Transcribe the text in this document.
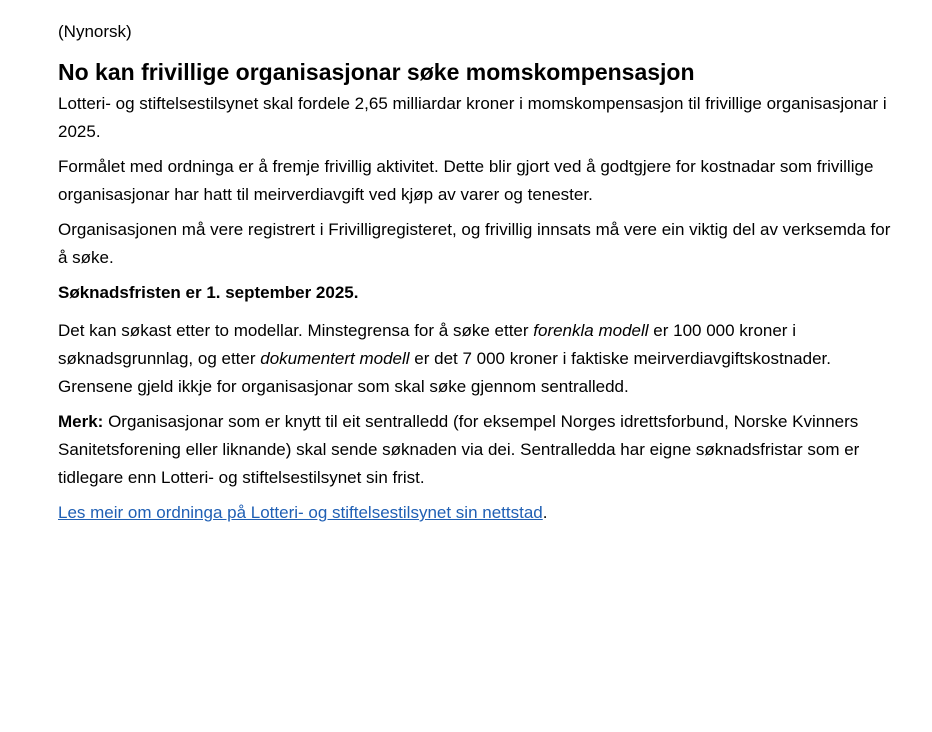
(Nynorsk)
No kan frivillige organisasjonar søke momskompensasjon

Lotteri- og stiftelsestilsynet skal fordele 2,65 milliardar kroner i momskompensasjon til frivillige organisasjonar i 2025.

Formålet med ordninga er å fremje frivillig aktivitet. Dette blir gjort ved å godtgjere for kostnadar som frivillige organisasjonar har hatt til meirverdiavgift ved kjøp av varer og tenester.

Organisasjonen må vere registrert i Frivilligregisteret, og frivillig innsats må vere ein viktig del av verksemda for å søke.

Søknadsfristen er 1. september 2025.

Det kan søkast etter to modellar. Minstegrensa for å søke etter forenkla modell er 100 000 kroner i søknadsgrunnlag, og etter dokumentert modell er det 7 000 kroner i faktiske meirverdiavgiftskostnader. Grensene gjeld ikkje for organisasjonar som skal søke gjennom sentralledd.

Merk: Organisasjonar som er knytt til eit sentralledd (for eksempel Norges idrettsforbund, Norske Kvinners Sanitetsforening eller liknande) skal sende søknaden via dei. Sentralledda har eigne søknadsfristar som er tidlegare enn Lotteri- og stiftelsestilsynet sin frist.

Les meir om ordninga på Lotteri- og stiftelsestilsynet sin nettstad.
